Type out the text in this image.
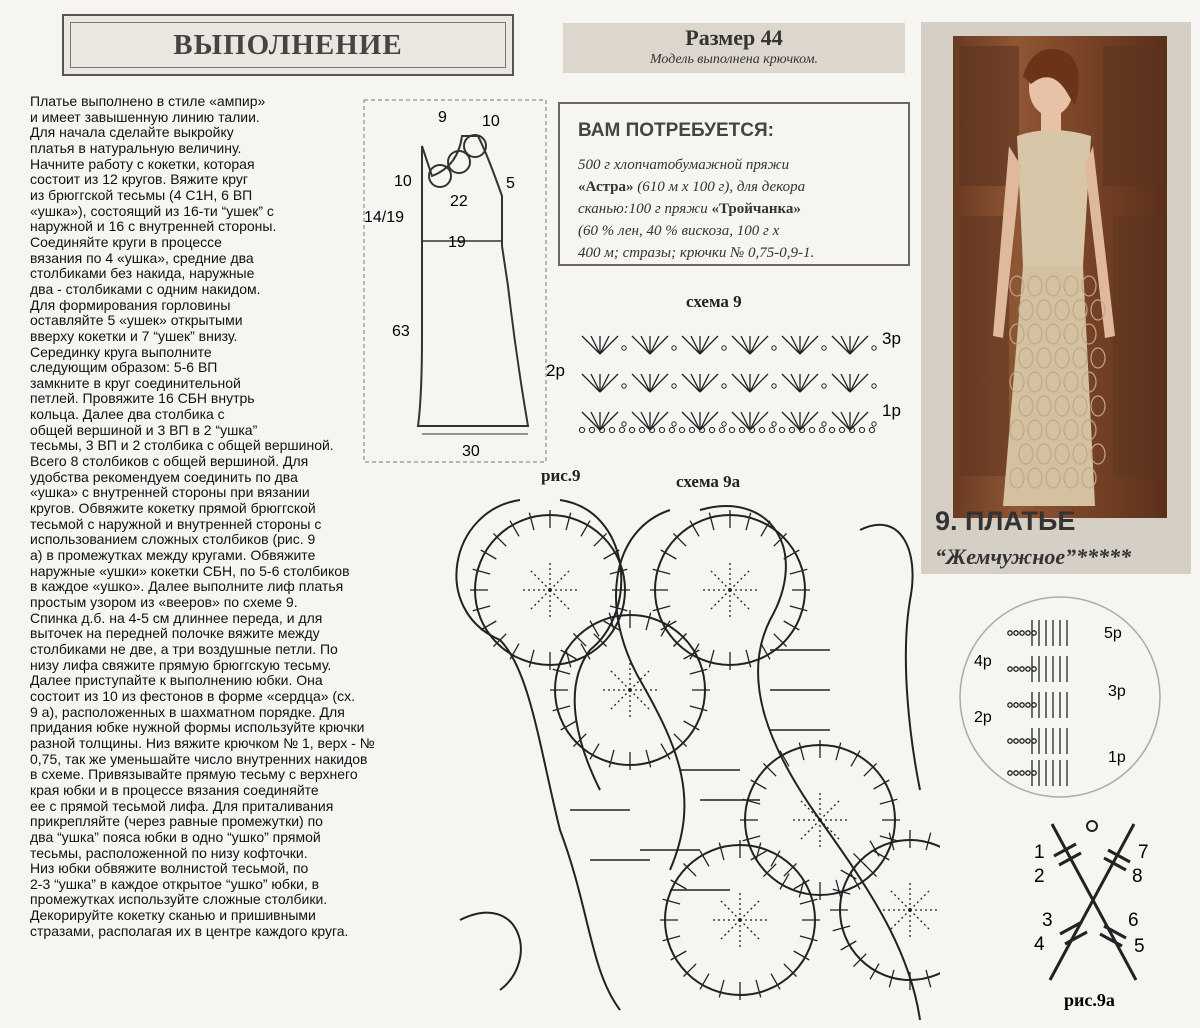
ВЫПОЛНЕНИЕ	Размер 44
Модель выполнена крючком.
ВАМ ПОТРЕБУЕТСЯ:
500 г хлопчатобумажной пряжи
«Астра» (610 м х 100 г), для декора
сканью:100 г пряжи «Тройчанка»
(60 % лен, 40 % вискоза, 100 г х
400 м; стразы; крючки № 0,75-0,9-1.

Платье выполнено в стиле «ампир»

и имеет завышенную линию талии.

Для начала сделайте выкройку

платья в натуральную величину.

Начните работу с кокетки, которая

состоит из 12 кругов. Вяжите круг

из брюггской тесьмы (4 С1Н, 6 ВП

«ушка»), состоящий из 16-ти “ушек” с

наружной и 16 с внутренней стороны.

Соединяйте круги в процессе

вязания по 4 «ушка», средние два

столбиками без накида, наружные

два - столбиками с одним накидом.

Для формирования горловины

оставляйте 5 «ушек» открытыми

вверху кокетки и 7 “ушек” внизу.

Серединку круга выполните

следующим образом: 5-6 ВП

замкните в круг соединительной

петлей. Провяжите 16 СБН внутрь

кольца. Далее два столбика с

общей вершиной и 3 ВП в 2 “ушка”

тесьмы, 3 ВП и 2 столбика с общей вершиной.

Всего 8 столбиков с общей вершиной. Для

удобства рекомендуем соединить по два

«ушка» с внутренней стороны при вязании

кругов. Обвяжите кокетку прямой брюггской

тесьмой с наружной и внутренней стороны с

использованием сложных столбиков (рис. 9

а) в промежутках между кругами. Обвяжите

наружные «ушки» кокетки СБН, по 5-6 столбиков

в каждое «ушко». Далее выполните лиф платья

простым узором из «вееров» по схеме 9.

Спинка д.б. на 4-5 см длиннее переда, и для

выточек на передней полочке вяжите между

столбиками не две, а три воздушные петли. По

низу лифа свяжите прямую брюггскую тесьму.

Далее приступайте к выполнению юбки. Она

состоит из 10 из фестонов в форме «сердца» (сх.

9 а), расположенных в шахматном порядке. Для

придания юбке нужной формы используйте крючки

разной толщины. Низ вяжите крючком № 1, верх - №

0,75, так же уменьшайте число внутренних накидов

в схеме. Привязывайте прямую тесьму с верхнего

края юбки и в процессе вязания соединяйте

ее с прямой тесьмой лифа. Для приталивания

прикрепляйте (через равные промежутки) по

два “ушка” пояса юбки в одно “ушко” прямой

тесьмы, расположенной по низу кофточки.

Низ юбки обвяжите волнистой тесьмой, по

2-3 “ушка” в каждое открытое “ушко” юбки, в

промежутках используйте сложные столбики.

Декорируйте кокетку сканью и пришивными

стразами, располагая их в центре каждого круга.

9 10
10	5
22
14/19
19
63
30
схема 9
2р
3р
1р
рис.9	схема 9а
5р
4р
3р
2р
1р
1
2
3
4	5
6
7
8
рис.9а
9. ПЛАТЬЕ
“Жемчужное”*****
